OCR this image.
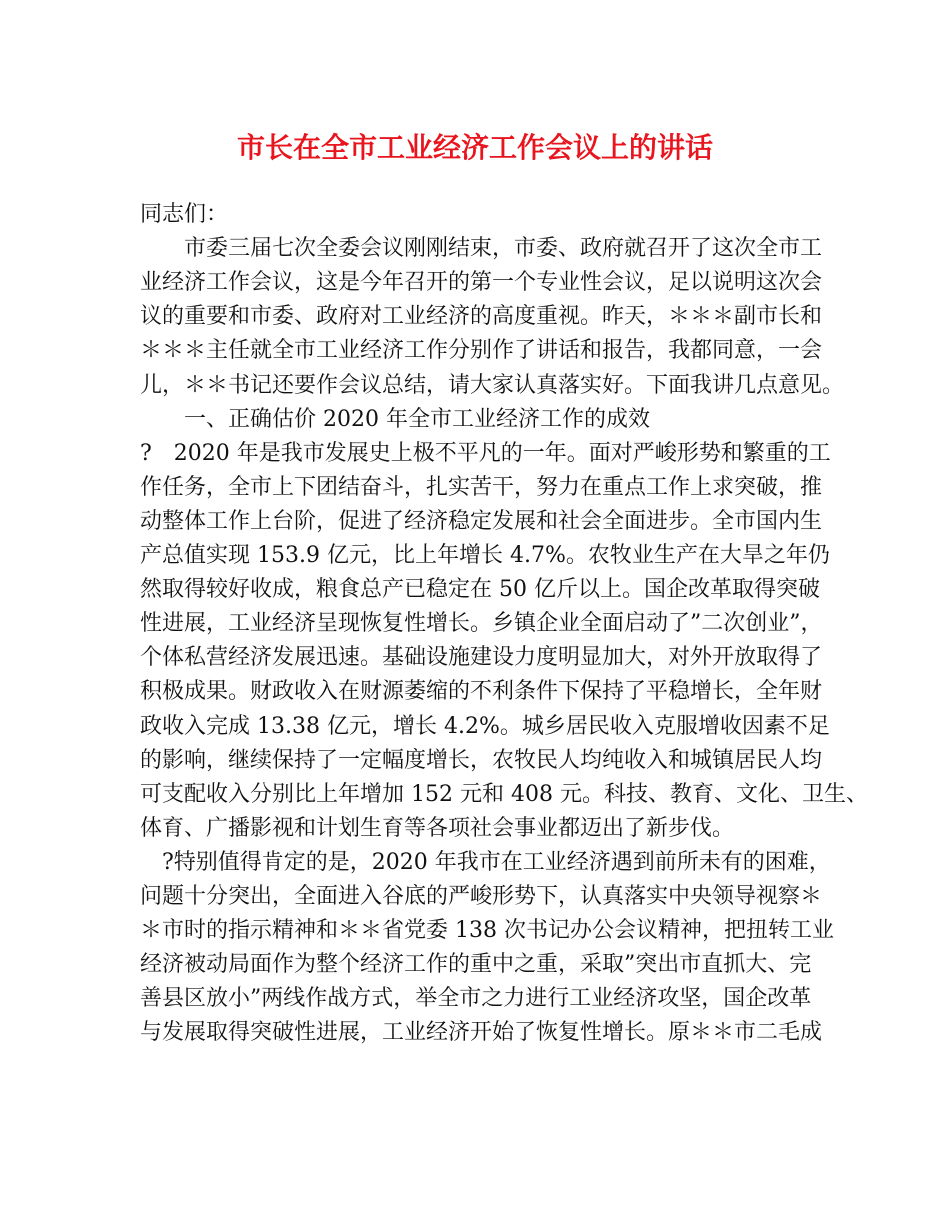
市长在全市工业经济工作会议上的讲话
同志们：
　　市委三届七次全委会议刚刚结束，市委、政府就召开了这次全市工
业经济工作会议，这是今年召开的第一个专业性会议，足以说明这次会
议的重要和市委、政府对工业经济的高度重视。昨天，＊＊＊副市长和
＊＊＊主任就全市工业经济工作分别作了讲话和报告，我都同意，一会
儿，＊＊书记还要作会议总结，请大家认真落实好。下面我讲几点意见。
　　一、正确估价 2020 年全市工业经济工作的成效
?　2020 年是我市发展史上极不平凡的一年。面对严峻形势和繁重的工
作任务，全市上下团结奋斗，扎实苦干，努力在重点工作上求突破，推
动整体工作上台阶，促进了经济稳定发展和社会全面进步。全市国内生
产总值实现 153.9 亿元，比上年增长 4.7%。农牧业生产在大旱之年仍
然取得较好收成，粮食总产已稳定在 50 亿斤以上。国企改革取得突破
性进展，工业经济呈现恢复性增长。乡镇企业全面启动了”二次创业”，
个体私营经济发展迅速。基础设施建设力度明显加大，对外开放取得了
积极成果。财政收入在财源萎缩的不利条件下保持了平稳增长，全年财
政收入完成 13.38 亿元，增长 4.2%。城乡居民收入克服增收因素不足
的影响，继续保持了一定幅度增长，农牧民人均纯收入和城镇居民人均
可支配收入分别比上年增加 152 元和 408 元。科技、教育、文化、卫生、
体育、广播影视和计划生育等各项社会事业都迈出了新步伐。
　?特别值得肯定的是，2020 年我市在工业经济遇到前所未有的困难，
问题十分突出，全面进入谷底的严峻形势下，认真落实中央领导视察＊
＊市时的指示精神和＊＊省党委 138 次书记办公会议精神，把扭转工业
经济被动局面作为整个经济工作的重中之重，采取”突出市直抓大、完
善县区放小”两线作战方式，举全市之力进行工业经济攻坚，国企改革
与发展取得突破性进展，工业经济开始了恢复性增长。原＊＊市二毛成
